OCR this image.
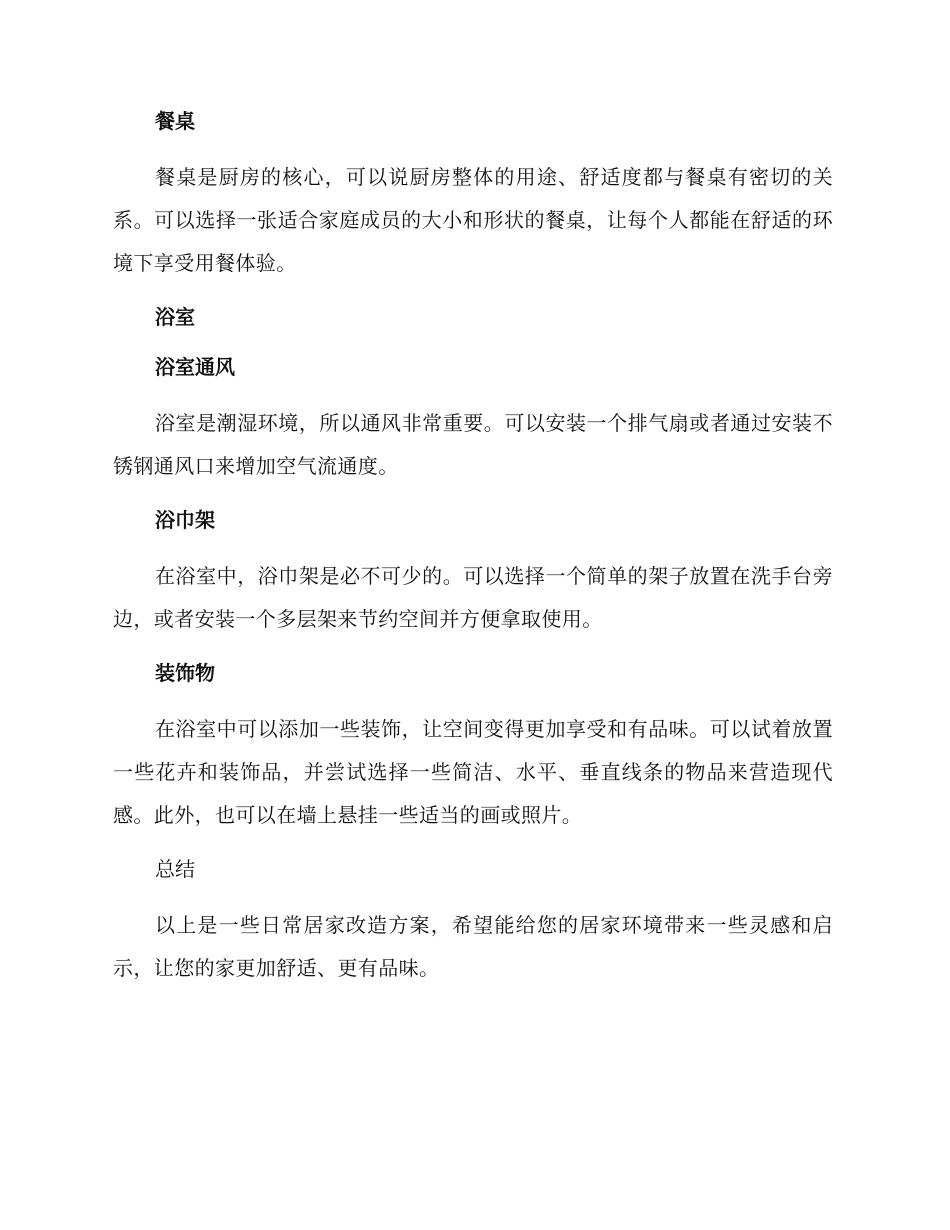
餐桌

餐桌是厨房的核心，可以说厨房整体的用途、舒适度都与餐桌有密切的关系。可以选择一张适合家庭成员的大小和形状的餐桌，让每个人都能在舒适的环境下享受用餐体验。

浴室
浴室通风

浴室是潮湿环境，所以通风非常重要。可以安装一个排气扇或者通过安装不锈钢通风口来增加空气流通度。

浴巾架

在浴室中，浴巾架是必不可少的。可以选择一个简单的架子放置在洗手台旁边，或者安装一个多层架来节约空间并方便拿取使用。

装饰物

在浴室中可以添加一些装饰，让空间变得更加享受和有品味。可以试着放置一些花卉和装饰品，并尝试选择一些简洁、水平、垂直线条的物品来营造现代感。此外，也可以在墙上悬挂一些适当的画或照片。

总结

以上是一些日常居家改造方案，希望能给您的居家环境带来一些灵感和启示，让您的家更加舒适、更有品味。
